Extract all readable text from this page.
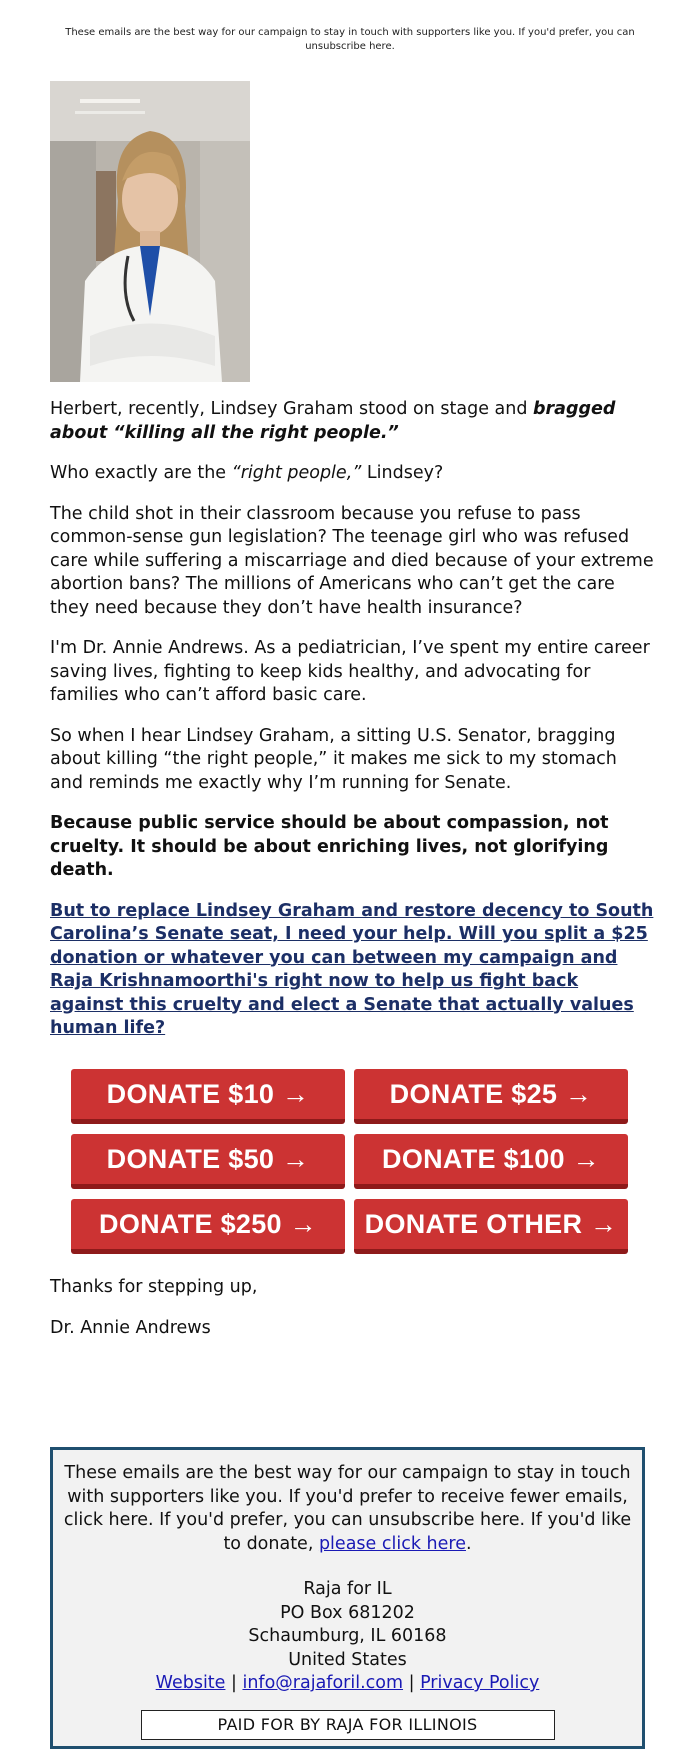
These emails are the best way for our campaign to stay in touch with supporters like you. If you'd prefer, you can unsubscribe here.

Herbert, recently, Lindsey Graham stood on stage and bragged about “killing all the right people.”

Who exactly are the “right people,” Lindsey?

The child shot in their classroom because you refuse to pass common-sense gun legislation? The teenage girl who was refused care while suffering a miscarriage and died because of your extreme abortion bans? The millions of Americans who can’t get the care they need because they don’t have health insurance?

I'm Dr. Annie Andrews. As a pediatrician, I’ve spent my entire career saving lives, fighting to keep kids healthy, and advocating for families who can’t afford basic care.

So when I hear Lindsey Graham, a sitting U.S. Senator, bragging about killing “the right people,” it makes me sick to my stomach and reminds me exactly why I’m running for Senate.

Because public service should be about compassion, not cruelty. It should be about enriching lives, not glorifying death.

But to replace Lindsey Graham and restore decency to South Carolina’s Senate seat, I need your help. Will you split a $25 donation or whatever you can between my campaign and Raja Krishnamoorthi's right now to help us fight back against this cruelty and elect a Senate that actually values human life?

DONATE $10 →	DONATE $25 →
DONATE $50 →	DONATE $100 →
DONATE $250 →	DONATE OTHER →

Thanks for stepping up,

Dr. Annie Andrews

These emails are the best way for our campaign to stay in touch with supporters like you. If you'd prefer to receive fewer emails, click here. If you'd prefer, you can unsubscribe here. If you'd like to donate, please click here.

Raja for IL
PO Box 681202
Schaumburg, IL 60168
United States
Website | info@rajaforil.com | Privacy Policy
PAID FOR BY RAJA FOR ILLINOIS
